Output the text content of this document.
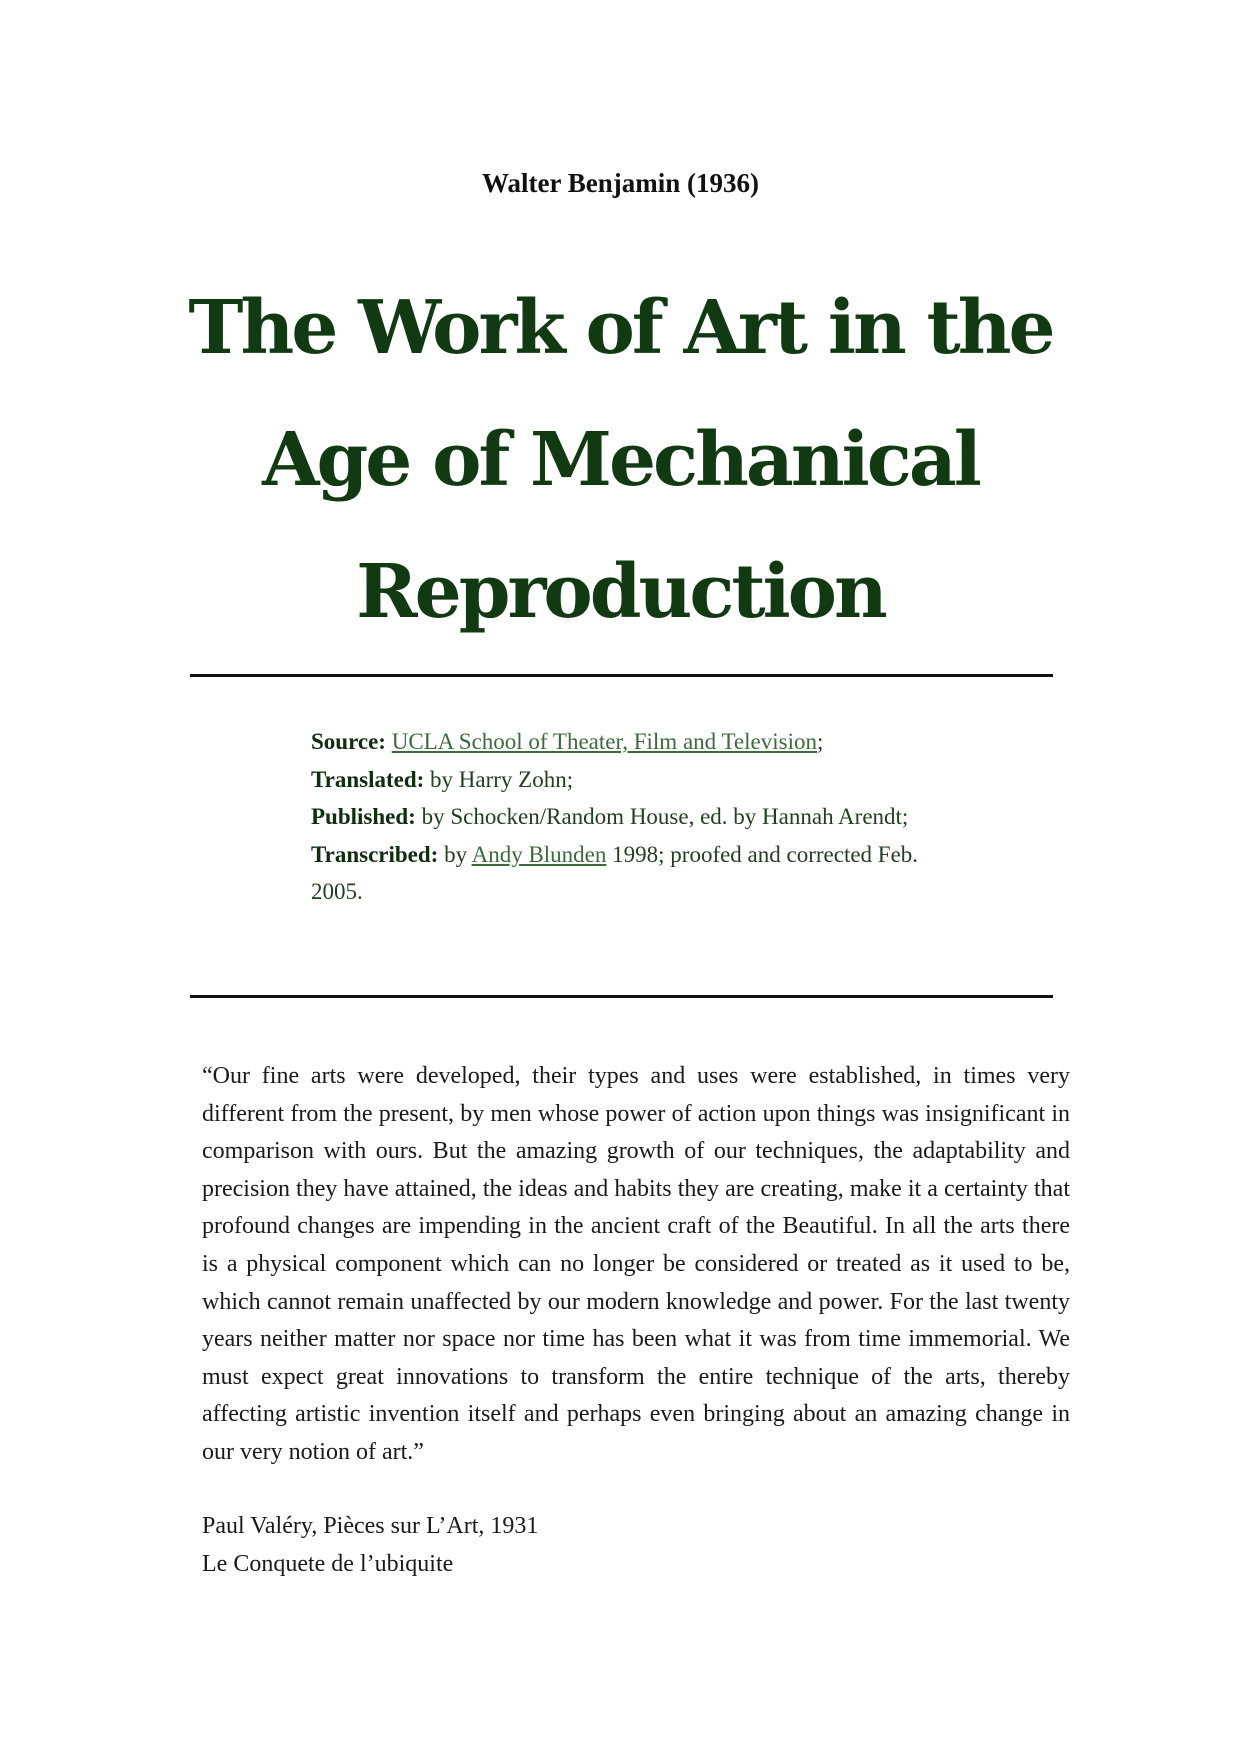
Walter Benjamin (1936)
The Work of Art in the
Age of Mechanical
Reproduction
Source: UCLA School of Theater, Film and Television;
Translated: by Harry Zohn;
Published: by Schocken/Random House, ed. by Hannah Arendt;
Transcribed: by Andy Blunden 1998; proofed and corrected Feb. 2005.

“Our fine arts were developed, their types and uses were established, in times very different from the present, by men whose power of action upon things was insignificant in comparison with ours. But the amazing growth of our techniques, the adaptability and precision they have attained, the ideas and habits they are creating, make it a certainty that profound changes are impending in the ancient craft of the Beautiful. In all the arts there is a physical component which can no longer be considered or treated as it used to be, which cannot remain unaffected by our modern knowledge and power. For the last twenty years neither matter nor space nor time has been what it was from time immemorial. We must expect great innovations to transform the entire technique of the arts, thereby affecting artistic invention itself and perhaps even bringing about an amazing change in our very notion of art.”

Paul Valéry, Pièces sur L’Art, 1931
Le Conquete de l’ubiquite
